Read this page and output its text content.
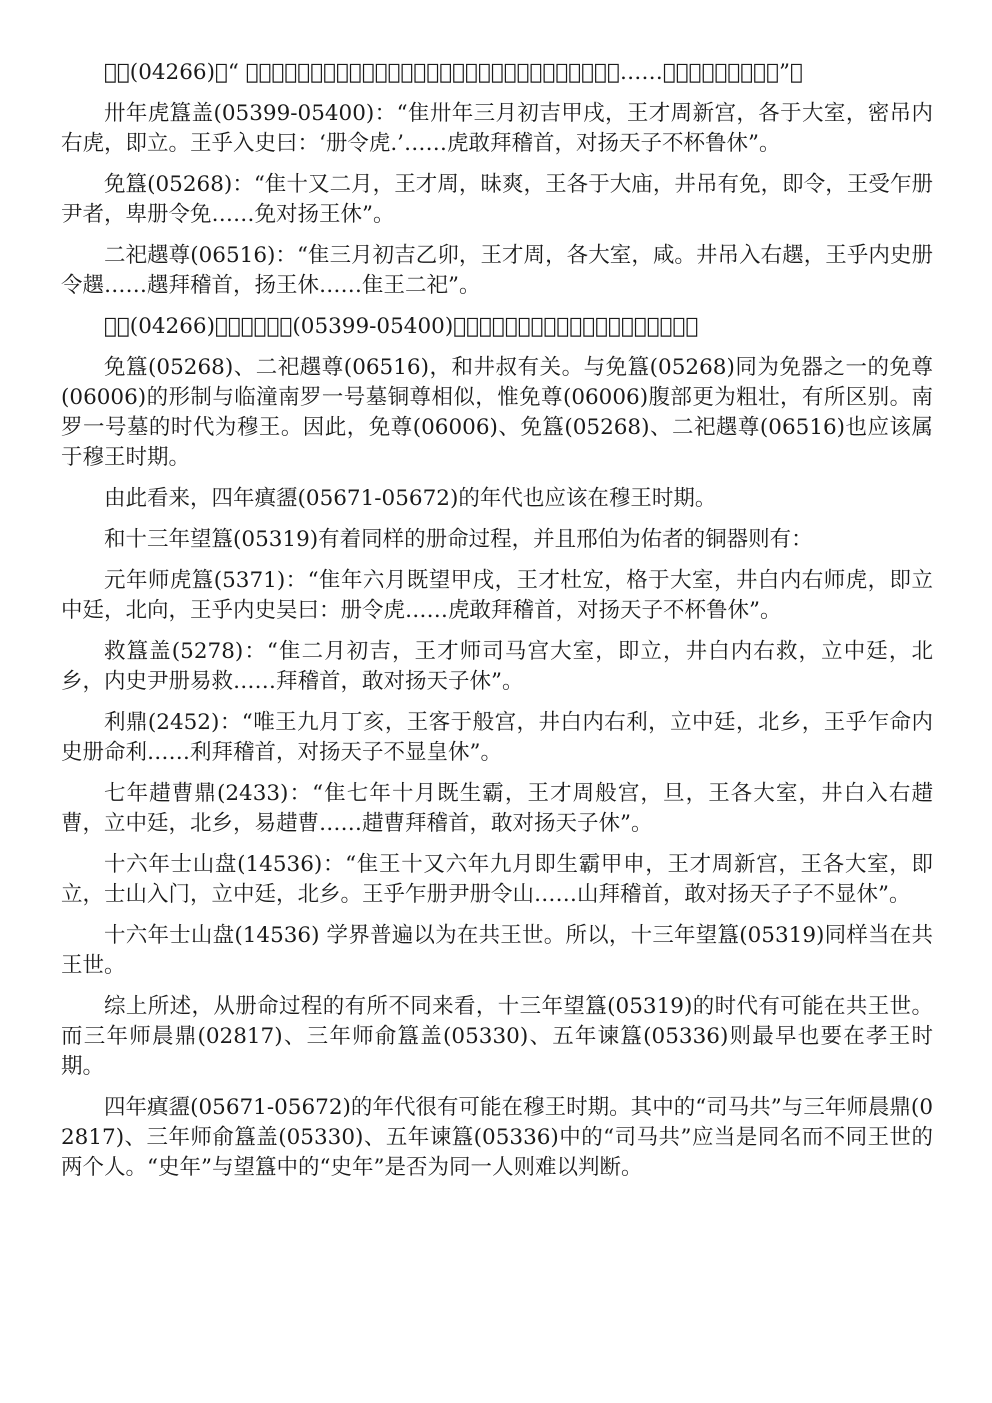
𧽬簋(04266)：“ 唯三月，王才宗周。戊寅，王各于大朝。密吊右𧽬即立。内史即命……𧽬拜稽首，对扬王休”。

卅年虎簋盖(05399-05400)：“隹卅年三月初吉甲戌，王才周新宫，各于大室，密吊内右虎，即立。王乎入史曰：‘册令虎.’……虎敢拜稽首，对扬天子不杯鲁休”。

免簋(05268)：“隹十又二月，王才周，昧爽，王各于大庙，井吊有免，即令，王受乍册尹者，卑册令免……免对扬王休”。

二祀趩尊(06516)：“隹三月初吉乙卯，王才周，各大室，咸。井吊入右趩，王乎内史册令趩……趩拜稽首，扬王休……隹王二祀”。

𧽬簋(04266)、卅年虎簋盖(05399-05400)，佑者均为密叔。一般认为属于穆王时期。

免簋(05268)、二祀趩尊(06516)，和井叔有关。与免簋(05268)同为免器之一的免尊(06006)的形制与临潼南罗一号墓铜尊相似，惟免尊(06006)腹部更为粗壮，有所区别。南罗一号墓的时代为穆王。因此，免尊(06006)、免簋(05268)、二祀趩尊(06516)也应该属于穆王时期。

由此看来，四年瘨盨(05671-05672)的年代也应该在穆王时期。

和十三年望簋(05319)有着同样的册命过程，并且邢伯为佑者的铜器则有：

元年师虎簋(5371)：“隹年六月既望甲戌，王才杜宐，格于大室，井白内右师虎，即立中廷，北向，王乎内史吴曰：册令虎……虎敢拜稽首，对扬天子不杯鲁休”。

救簋盖(5278)：“隹二月初吉，王才师司马宫大室，即立，井白内右救，立中廷，北乡，内史尹册易救……拜稽首，敢对扬天子休”。

利鼎(2452)：“唯王九月丁亥，王客于般宫，井白内右利，立中廷，北乡，王乎乍命内史册命利……利拜稽首，对扬天子不显皇休”。

七年趞曹鼎(2433)：“隹七年十月既生霸，王才周般宫，旦，王各大室，井白入右趞曹，立中廷，北乡，易趞曹……趞曹拜稽首，敢对扬天子休”。

十六年士山盘(14536)：“隹王十又六年九月即生霸甲申，王才周新宫，王各大室，即立，士山入门，立中廷，北乡。王乎乍册尹册令山……山拜稽首，敢对扬天子子不显休”。

十六年士山盘(14536) 学界普遍以为在共王世。所以，十三年望簋(05319)同样当在共王世。

综上所述，从册命过程的有所不同来看，十三年望簋(05319)的时代有可能在共王世。而三年师晨鼎(02817)、三年师俞簋盖(05330)、五年谏簋(05336)则最早也要在孝王时期。

四年瘨盨(05671-05672)的年代很有可能在穆王时期。其中的“司马共”与三年师晨鼎(02817)、三年师俞簋盖(05330)、五年谏簋(05336)中的“司马共”应当是同名而不同王世的两个人。“史年”与望簋中的“史年”是否为同一人则难以判断。
